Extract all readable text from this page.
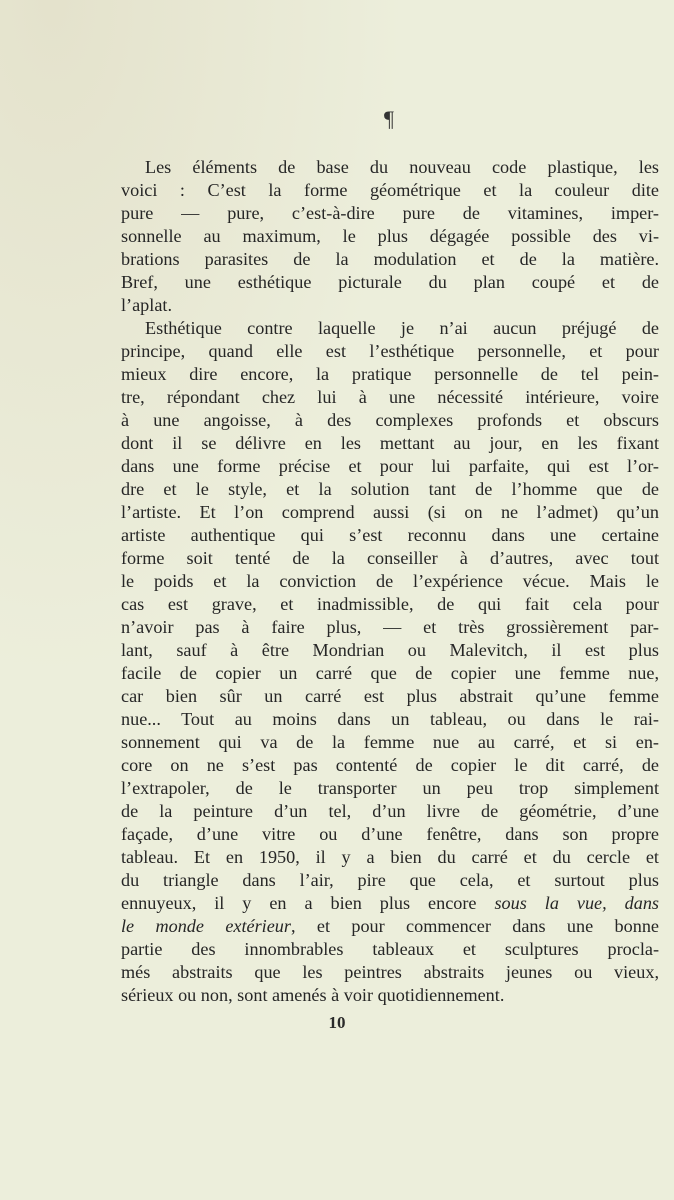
¶
Les éléments de base du nouveau code plastique, les
voici : C’est la forme géométrique et la couleur dite
pure — pure, c’est-à-dire pure de vitamines, imper-
sonnelle au maximum, le plus dégagée possible des vi-
brations parasites de la modulation et de la matière.
Bref, une esthétique picturale du plan coupé et de
l’aplat.
Esthétique contre laquelle je n’ai aucun préjugé de
principe, quand elle est l’esthétique personnelle, et pour
mieux dire encore, la pratique personnelle de tel pein-
tre, répondant chez lui à une nécessité intérieure, voire
à une angoisse, à des complexes profonds et obscurs
dont il se délivre en les mettant au jour, en les fixant
dans une forme précise et pour lui parfaite, qui est l’or-
dre et le style, et la solution tant de l’homme que de
l’artiste. Et l’on comprend aussi (si on ne l’admet) qu’un
artiste authentique qui s’est reconnu dans une certaine
forme soit tenté de la conseiller à d’autres, avec tout
le poids et la conviction de l’expérience vécue. Mais le
cas est grave, et inadmissible, de qui fait cela pour
n’avoir pas à faire plus, — et très grossièrement par-
lant, sauf à être Mondrian ou Malevitch, il est plus
facile de copier un carré que de copier une femme nue,
car bien sûr un carré est plus abstrait qu’une femme
nue... Tout au moins dans un tableau, ou dans le rai-
sonnement qui va de la femme nue au carré, et si en-
core on ne s’est pas contenté de copier le dit carré, de
l’extrapoler, de le transporter un peu trop simplement
de la peinture d’un tel, d’un livre de géométrie, d’une
façade, d’une vitre ou d’une fenêtre, dans son propre
tableau. Et en 1950, il y a bien du carré et du cercle et
du triangle dans l’air, pire que cela, et surtout plus
ennuyeux, il y en a bien plus encore sous la vue, dans
le monde extérieur, et pour commencer dans une bonne
partie des innombrables tableaux et sculptures procla-
més abstraits que les peintres abstraits jeunes ou vieux,
sérieux ou non, sont amenés à voir quotidiennement.
10
